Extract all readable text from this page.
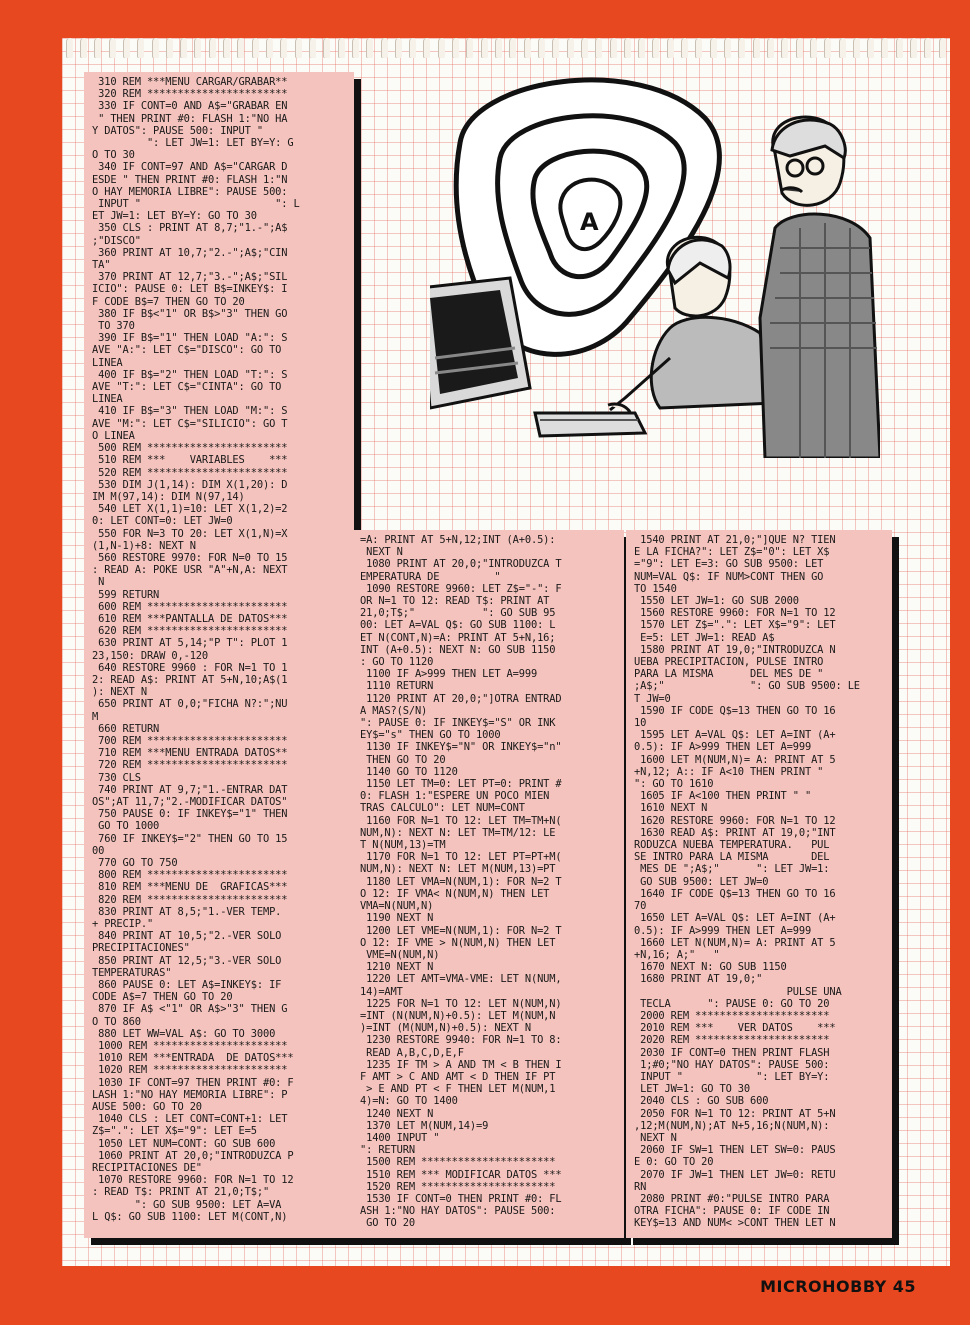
310 REM ***MENU CARGAR/GRABAR**
320 REM ***********************
330 IF CONT=0 AND A$="GRABAR EN
" THEN PRINT #0: FLASH 1:"NO HA
Y DATOS": PAUSE 500: INPUT "
": LET JW=1: LET BY=Y: G
O TO 30
340 IF CONT=97 AND A$="CARGAR D
ESDE " THEN PRINT #0: FLASH 1:"N
O HAY MEMORIA LIBRE": PAUSE 500:
INPUT "                      ": L
ET JW=1: LET BY=Y: GO TO 30
350 CLS : PRINT AT 8,7;"1.-";A$
;"DISCO"
360 PRINT AT 10,7;"2.-";A$;"CIN
TA"
370 PRINT AT 12,7;"3.-";A$;"SIL
ICIO": PAUSE 0: LET B$=INKEY$: I
F CODE B$=7 THEN GO TO 20
380 IF B$<"1" OR B$>"3" THEN GO
TO 370
390 IF B$="1" THEN LOAD "A:": S
AVE "A:": LET C$="DISCO": GO TO
LINEA
400 IF B$="2" THEN LOAD "T:": S
AVE "T:": LET C$="CINTA": GO TO
LINEA
410 IF B$="3" THEN LOAD "M:": S
AVE "M:": LET C$="SILICIO": GO T
O LINEA
500 REM ***********************
510 REM ***    VARIABLES    ***
520 REM ***********************
530 DIM J(1,14): DIM X(1,20): D
IM M(97,14): DIM N(97,14)
540 LET X(1,1)=10: LET X(1,2)=2
0: LET CONT=0: LET JW=0
550 FOR N=3 TO 20: LET X(1,N)=X
(1,N-1)+8: NEXT N
560 RESTORE 9970: FOR N=0 TO 15
: READ A: POKE USR "A"+N,A: NEXT
N
599 RETURN
600 REM ***********************
610 REM ***PANTALLA DE DATOS***
620 REM ***********************
630 PRINT AT 5,14;"P T": PLOT 1
23,150: DRAW 0,-120
640 RESTORE 9960 : FOR N=1 TO 1
2: READ A$: PRINT AT 5+N,10;A$(1
): NEXT N
650 PRINT AT 0,0;"FICHA N?:";NU
M
660 RETURN
700 REM ***********************
710 REM ***MENU ENTRADA DATOS**
720 REM ***********************
730 CLS
740 PRINT AT 9,7;"1.-ENTRAR DAT
OS";AT 11,7;"2.-MODIFICAR DATOS"
750 PAUSE 0: IF INKEY$="1" THEN
GO TO 1000
760 IF INKEY$="2" THEN GO TO 15
00
770 GO TO 750
800 REM ***********************
810 REM ***MENU DE  GRAFICAS***
820 REM ***********************
830 PRINT AT 8,5;"1.-VER TEMP.
+ PRECIP."
840 PRINT AT 10,5;"2.-VER SOLO
PRECIPITACIONES"
850 PRINT AT 12,5;"3.-VER SOLO
TEMPERATURAS"
860 PAUSE 0: LET A$=INKEY$: IF
CODE A$=7 THEN GO TO 20
870 IF A$ <"1" OR A$>"3" THEN G
O TO 860
880 LET WW=VAL A$: GO TO 3000
1000 REM **********************
1010 REM ***ENTRADA  DE DATOS***
1020 REM **********************
1030 IF CONT=97 THEN PRINT #0: F
LASH 1:"NO HAY MEMORIA LIBRE": P
AUSE 500: GO TO 20
1040 CLS : LET CONT=CONT+1: LET
Z$=".": LET X$="9": LET E=5
1050 LET NUM=CONT: GO SUB 600
1060 PRINT AT 20,0;"INTRODUZCA P
RECIPITACIONES DE"
1070 RESTORE 9960: FOR N=1 TO 12
: READ T$: PRINT AT 21,0;T$;"
": GO SUB 9500: LET A=VA
L Q$: GO SUB 1100: LET M(CONT,N)
=A: PRINT AT 5+N,12;INT (A+0.5):
NEXT N
1080 PRINT AT 20,0;"INTRODUZCA T
EMPERATURA DE         "
1090 RESTORE 9960: LET Z$="-": F
OR N=1 TO 12: READ T$: PRINT AT
21,0;T$;"           ": GO SUB 95
00: LET A=VAL Q$: GO SUB 1100: L
ET N(CONT,N)=A: PRINT AT 5+N,16;
INT (A+0.5): NEXT N: GO SUB 1150
: GO TO 1120
1100 IF A>999 THEN LET A=999
1110 RETURN
1120 PRINT AT 20,0;"]OTRA ENTRAD
A MAS?(S/N)
": PAUSE 0: IF INKEY$="S" OR INK
EY$="s" THEN GO TO 1000
1130 IF INKEY$="N" OR INKEY$="n"
THEN GO TO 20
1140 GO TO 1120
1150 LET TM=0: LET PT=0: PRINT #
0: FLASH 1:"ESPERE UN POCO MIEN
TRAS CALCULO": LET NUM=CONT
1160 FOR N=1 TO 12: LET TM=TM+N(
NUM,N): NEXT N: LET TM=TM/12: LE
T N(NUM,13)=TM
1170 FOR N=1 TO 12: LET PT=PT+M(
NUM,N): NEXT N: LET M(NUM,13)=PT
1180 LET VMA=N(NUM,1): FOR N=2 T
O 12: IF VMA< N(NUM,N) THEN LET
VMA=N(NUM,N)
1190 NEXT N
1200 LET VME=N(NUM,1): FOR N=2 T
O 12: IF VME > N(NUM,N) THEN LET
VME=N(NUM,N)
1210 NEXT N
1220 LET AMT=VMA-VME: LET N(NUM,
14)=AMT
1225 FOR N=1 TO 12: LET N(NUM,N)
=INT (N(NUM,N)+0.5): LET M(NUM,N
)=INT (M(NUM,N)+0.5): NEXT N
1230 RESTORE 9940: FOR N=1 TO 8:
READ A,B,C,D,E,F
1235 IF TM > A AND TM < B THEN I
F AMT > C AND AMT < D THEN IF PT
> E AND PT < F THEN LET M(NUM,1
4)=N: GO TO 1400
1240 NEXT N
1370 LET M(NUM,14)=9
1400 INPUT "
": RETURN
1500 REM **********************
1510 REM *** MODIFICAR DATOS ***
1520 REM **********************
1530 IF CONT=0 THEN PRINT #0: FL
ASH 1:"NO HAY DATOS": PAUSE 500:
GO TO 20
1540 PRINT AT 21,0;"]QUE N? TIEN
E LA FICHA?": LET Z$="0": LET X$
="9": LET E=3: GO SUB 9500: LET
NUM=VAL Q$: IF NUM>CONT THEN GO
TO 1540
1550 LET JW=1: GO SUB 2000
1560 RESTORE 9960: FOR N=1 TO 12
1570 LET Z$=".": LET X$="9": LET
E=5: LET JW=1: READ A$
1580 PRINT AT 19,0;"INTRODUZCA N
UEBA PRECIPITACION, PULSE INTRO
PARA LA MISMA      DEL MES DE "
;A$;"              ": GO SUB 9500: LE
T JW=0
1590 IF CODE Q$=13 THEN GO TO 16
10
1595 LET A=VAL Q$: LET A=INT (A+
0.5): IF A>999 THEN LET A=999
1600 LET M(NUM,N)= A: PRINT AT 5
+N,12; A:: IF A<10 THEN PRINT "
": GO TO 1610
1605 IF A<100 THEN PRINT " "
1610 NEXT N
1620 RESTORE 9960: FOR N=1 TO 12
1630 READ A$: PRINT AT 19,0;"INT
RODUZCA NUEBA TEMPERATURA.   PUL
SE INTRO PARA LA MISMA       DEL
MES DE ";A$;"      ": LET JW=1:
GO SUB 9500: LET JW=0
1640 IF CODE Q$=13 THEN GO TO 16
70
1650 LET A=VAL Q$: LET A=INT (A+
0.5): IF A>999 THEN LET A=999
1660 LET N(NUM,N)= A: PRINT AT 5
+N,16; A;"   "
1670 NEXT N: GO SUB 1150
1680 PRINT AT 19,0;"
PULSE UNA
TECLA      ": PAUSE 0: GO TO 20
2000 REM **********************
2010 REM ***    VER DATOS    ***
2020 REM **********************
2030 IF CONT=0 THEN PRINT FLASH
1;#0;"NO HAY DATOS": PAUSE 500:
INPUT "            ": LET BY=Y:
LET JW=1: GO TO 30
2040 CLS : GO SUB 600
2050 FOR N=1 TO 12: PRINT AT 5+N
,12;M(NUM,N);AT N+5,16;N(NUM,N):
NEXT N
2060 IF SW=1 THEN LET SW=0: PAUS
E 0: GO TO 20
2070 IF JW=1 THEN LET JW=0: RETU
RN
2080 PRINT #0:"PULSE INTRO PARA
OTRA FICHA": PAUSE 0: IF CODE IN
KEY$=13 AND NUM< >CONT THEN LET N
A
MICROHOBBY 45
